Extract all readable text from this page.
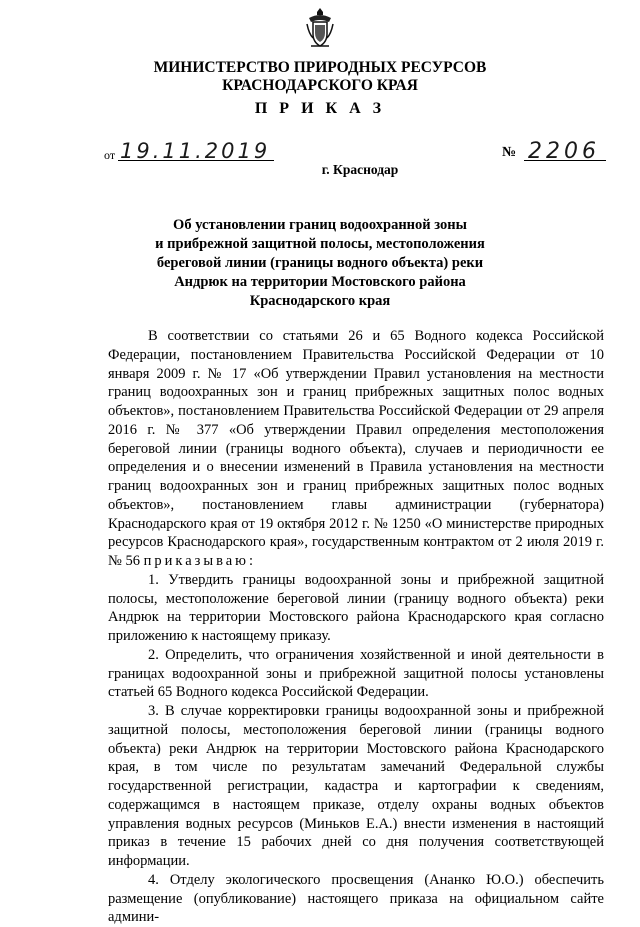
МИНИСТЕРСТВО ПРИРОДНЫХ РЕСУРСОВ
КРАСНОДАРСКОГО КРАЯ
П Р И К А З
от 19.11.2019	№ 2206
г. Краснодар
Об установлении границ водоохранной зоны
и прибрежной защитной полосы, местоположения
береговой линии (границы водного объекта) реки
Андрюк на территории Мостовского района
Краснодарского края

В соответствии со статьями 26 и 65 Водного кодекса Российской Федерации, постановлением Правительства Российской Федерации от 10 января 2009 г. № 17 «Об утверждении Правил установления на местности границ водоохранных зон и границ прибрежных защитных полос водных объектов», постановлением Правительства Российской Федерации от 29 апреля 2016 г. № 377 «Об утверждении Правил определения местоположения береговой линии (границы водного объекта), случаев и периодичности ее определения и о внесении изменений в Правила установления на местности границ водоохранных зон и границ прибрежных защитных полос водных объектов», постановлением главы администрации (губернатора) Краснодарского края от 19 октября 2012 г. № 1250 «О министерстве природных ресурсов Краснодарского края», государственным контрактом от 2 июля 2019 г. № 56 приказываю:

1. Утвердить границы водоохранной зоны и прибрежной защитной полосы, местоположение береговой линии (границу водного объекта) реки Андрюк на территории Мостовского района Краснодарского края согласно приложению к настоящему приказу.

2. Определить, что ограничения хозяйственной и иной деятельности в границах водоохранной зоны и прибрежной защитной полосы установлены статьей 65 Водного кодекса Российской Федерации.

3. В случае корректировки границы водоохранной зоны и прибрежной защитной полосы, местоположения береговой линии (границы водного объекта) реки Андрюк на территории Мостовского района Краснодарского края, в том числе по результатам замечаний Федеральной службы государственной регистрации, кадастра и картографии к сведениям, содержащимся в настоящем приказе, отделу охраны водных объектов управления водных ресурсов (Миньков Е.А.) внести изменения в настоящий приказ в течение 15 рабочих дней со дня получения соответствующей информации.

4. Отделу экологического просвещения (Ананко Ю.О.) обеспечить размещение (опубликование) настоящего приказа на официальном сайте админи-
